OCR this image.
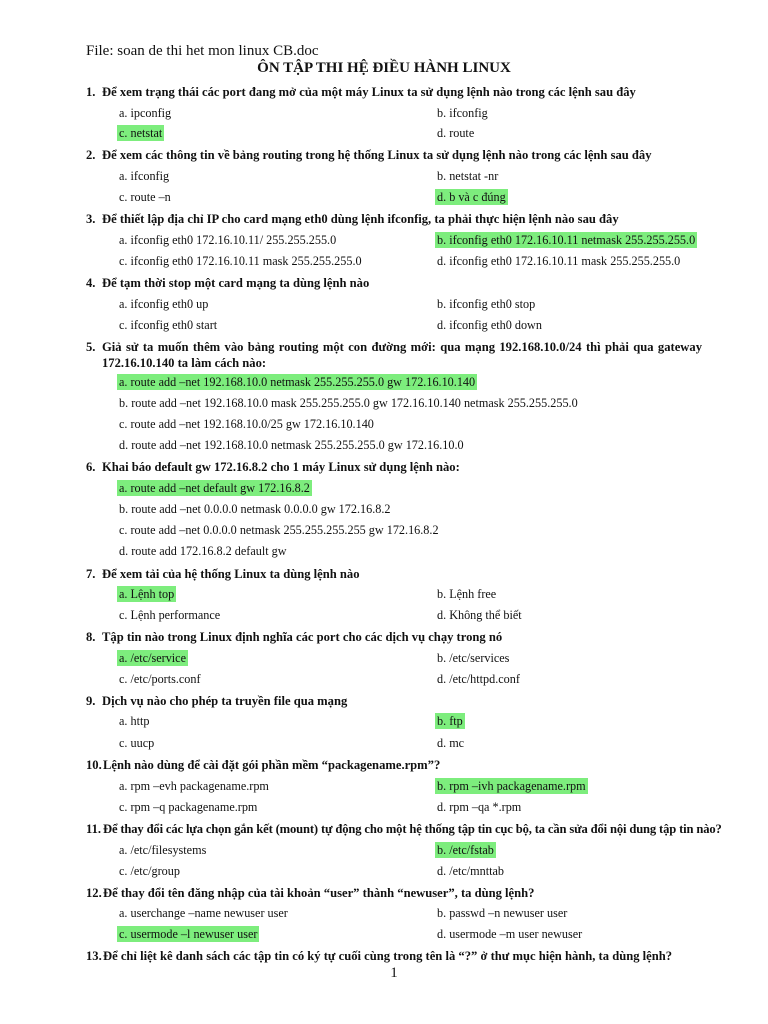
File: soan de thi het mon linux CB.doc
ÔN TẬP THI HỆ ĐIỀU HÀNH LINUX
1. Để xem trạng thái các port đang mở của một máy Linux ta sử dụng lệnh nào trong các lệnh sau đây
a. ipconfig	b. ifconfig
c. netstat	d. route
2. Để xem các thông tin về bảng routing trong hệ thống Linux ta sử dụng lệnh nào trong các lệnh sau đây
a. ifconfig	b. netstat -nr
c. route –n	d. b và c đúng
3. Để thiết lập địa chỉ IP cho card mạng eth0 dùng lệnh ifconfig, ta phải thực hiện lệnh nào sau đây
a. ifconfig eth0 172.16.10.11/ 255.255.255.0	b. ifconfig eth0 172.16.10.11 netmask 255.255.255.0
c. ifconfig eth0 172.16.10.11 mask 255.255.255.0	d. ifconfig eth0 172.16.10.11 mask 255.255.255.0
4. Để tạm thời stop một card mạng ta dùng lệnh nào
a. ifconfig eth0 up	b. ifconfig eth0 stop
c. ifconfig eth0 start	d. ifconfig eth0 down
5. Giả sử ta muốn thêm vào bảng routing một con đường mới: qua mạng 192.168.10.0/24 thì phải qua gateway
172.16.10.140 ta làm cách nào:
a. route add –net 192.168.10.0 netmask 255.255.255.0 gw 172.16.10.140
b. route add –net 192.168.10.0 mask 255.255.255.0 gw 172.16.10.140 netmask 255.255.255.0
c. route add –net 192.168.10.0/25 gw 172.16.10.140
d. route add –net 192.168.10.0 netmask 255.255.255.0 gw 172.16.10.0
6. Khai báo default gw 172.16.8.2 cho 1 máy Linux sử dụng lệnh nào:
a. route add –net default gw 172.16.8.2
b. route add –net 0.0.0.0 netmask 0.0.0.0 gw 172.16.8.2
c. route add –net 0.0.0.0 netmask 255.255.255.255 gw 172.16.8.2
d. route add 172.16.8.2 default gw
7. Để xem tải của hệ thống Linux ta dùng lệnh nào
a. Lệnh top	b. Lệnh free
c. Lệnh performance	d. Không thể biết
8. Tập tin nào trong Linux định nghĩa các port cho các dịch vụ chạy trong nó
a. /etc/service	b. /etc/services
c. /etc/ports.conf	d. /etc/httpd.conf
9. Dịch vụ nào cho phép ta truyền file qua mạng
a. http	b. ftp
c. uucp	d. mc
10. Lệnh nào dùng để cài đặt gói phần mềm “packagename.rpm”?
a. rpm –evh packagename.rpm	b. rpm –ivh packagename.rpm
c. rpm –q packagename.rpm	d. rpm –qa *.rpm
11. Để thay đổi các lựa chọn gắn kết (mount) tự động cho một hệ thống tập tin cục bộ, ta cần sửa đổi nội dung tập tin nào?
a. /etc/filesystems	b. /etc/fstab
c. /etc/group	d. /etc/mnttab
12. Để thay đổi tên đăng nhập của tài khoản “user” thành “newuser”, ta dùng lệnh?
a. userchange –name newuser user	b. passwd –n newuser user
c. usermode –l newuser user	d. usermode –m user newuser
13. Để chỉ liệt kê danh sách các tập tin có ký tự cuối cùng trong tên là “?” ở thư mục hiện hành, ta dùng lệnh?
1
